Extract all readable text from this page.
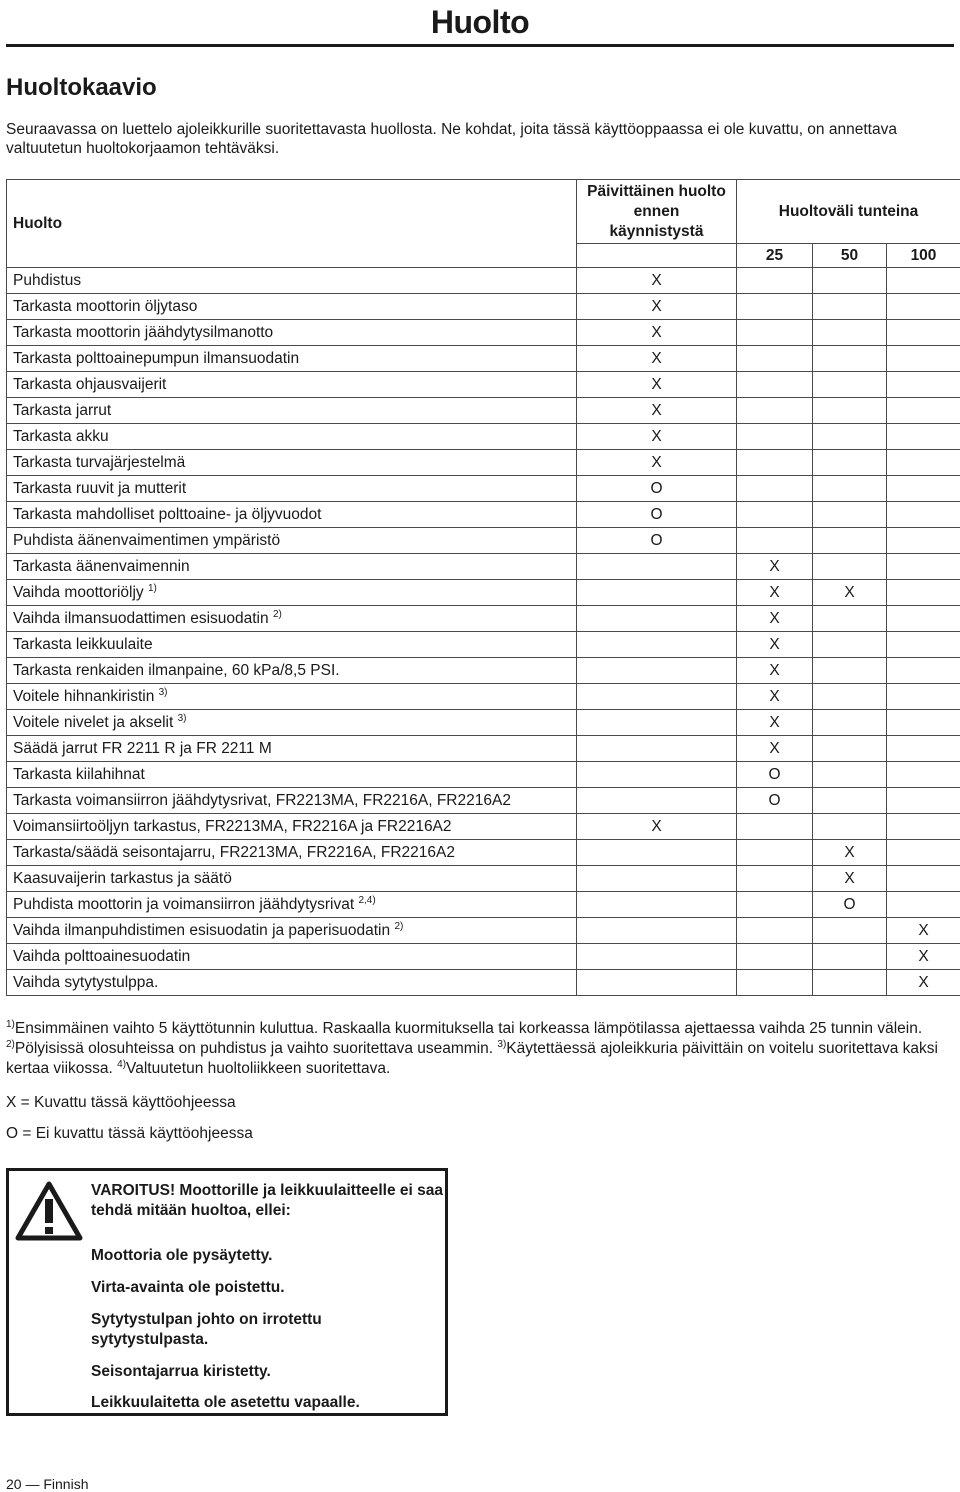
Huolto
Huoltokaavio
Seuraavassa on luettelo ajoleikkurille suoritettavasta huollosta. Ne kohdat, joita tässä käyttöoppaassa ei ole kuvattu, on annettava valtuutetun huoltokorjaamon tehtäväksi.
Huolto	Päivittäinen huolto
ennen
käynnistystä	Huoltoväli tunteina		
		25	50	100
Puhdistus	X			
Tarkasta moottorin öljytaso	X			
Tarkasta moottorin jäähdytysilmanotto	X			
Tarkasta polttoainepumpun ilmansuodatin	X			
Tarkasta ohjausvaijerit	X			
Tarkasta jarrut	X			
Tarkasta akku	X			
Tarkasta turvajärjestelmä	X			
Tarkasta ruuvit ja mutterit	O			
Tarkasta mahdolliset polttoaine- ja öljyvuodot	O			
Puhdista äänenvaimentimen ympäristö	O			
Tarkasta äänenvaimennin		X		
Vaihda moottoriöljy $^{1)}$		X	X	
Vaihda ilmansuodattimen esisuodatin $^{2)}$		X		
Tarkasta leikkuulaite		X		
Tarkasta renkaiden ilmanpaine, 60 kPa/8,5 PSI.		X		
Voitele hihnankiristin $^{3)}$		X		
Voitele nivelet ja akselit $^{3)}$		X		
Säädä jarrut FR 2211 R ja FR 2211 M		X		
Tarkasta kiilahihnat		O		
Tarkasta voimansiirron jäähdytysrivat, FR2213MA, FR2216A, FR2216A2		O		
Voimansiirtoöljyn tarkastus, FR2213MA, FR2216A ja FR2216A2	X			
Tarkasta/säädä seisontajarru, FR2213MA, FR2216A, FR2216A2			X	
Kaasuvaijerin tarkastus ja säätö			X	
Puhdista moottorin ja voimansiirron jäähdytysrivat $^{2,4)}$			O	
Vaihda ilmanpuhdistimen esisuodatin ja paperisuodatin $^{2)}$				X
Vaihda polttoainesuodatin				X
Vaihda sytytystulppa.				X
$^{1)}$Ensimmäinen vaihto 5 käyttötunnin kuluttua. Raskaalla kuormituksella tai korkeassa lämpötilassa ajettaessa vaihda 25 tunnin välein. $^{2)}$Pölyisissä olosuhteissa on puhdistus ja vaihto suoritettava useammin. $^{3)}$Käytettäessä ajoleikkuria päivittäin on voitelu suoritettava kaksi kertaa viikossa. $^{4)}$Valtuutetun huoltoliikkeen suoritettava.
X = Kuvattu tässä käyttöohjeessa
O = Ei kuvattu tässä käyttöohjeessa
VAROITUS! Moottorille ja leikkuulaitteelle ei saa tehdä mitään huoltoa, ellei:
Moottoria ole pysäytetty.
Virta-avainta ole poistettu.
Sytytystulpan johto on irrotettu sytytystulpasta.
Seisontajarrua kiristetty.
Leikkuulaitetta ole asetettu vapaalle.
20 — Finnish
